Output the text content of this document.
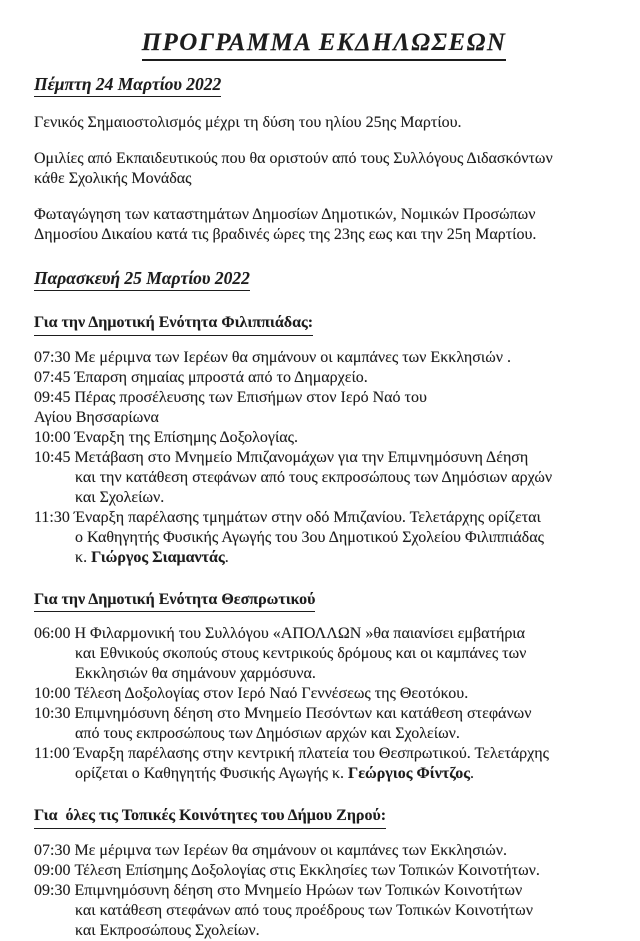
ΠΡΟΓΡΑΜΜΑ ΕΚΔΗΛΩΣΕΩΝ
Πέμπτη 24 Μαρτίου 2022
Γενικός Σημαιοστολισμός μέχρι τη δύση του ηλίου 25ης Μαρτίου.
Ομιλίες από Εκπαιδευτικούς που θα οριστούν από τους Συλλόγους Διδασκόντων
κάθε Σχολικής Μονάδας
Φωταγώγηση των καταστημάτων Δημοσίων Δημοτικών, Νομικών Προσώπων
Δημοσίου Δικαίου κατά τις βραδινές ώρες της 23ης εως και την 25η Μαρτίου.
Παρασκευή 25 Μαρτίου 2022
Για την Δημοτική Ενότητα Φιλιππιάδας:
07:30 Με μέριμνα των Ιερέων θα σημάνουν οι καμπάνες των Εκκλησιών .
07:45 Έπαρση σημαίας μπροστά από το Δημαρχείο.
09:45 Πέρας προσέλευσης των Επισήμων στον Ιερό Ναό του
Αγίου Βησσαρίωνα
10:00 Έναρξη της Επίσημης Δοξολογίας.
10:45 Μετάβαση στο Μνημείο Μπιζανομάχων για την Επιμνημόσυνη Δέηση
και την κατάθεση στεφάνων από τους εκπροσώπους των Δημόσιων αρχών
και Σχολείων.
11:30 Έναρξη παρέλασης τμημάτων στην οδό Μπιζανίου. Τελετάρχης ορίζεται
ο Καθηγητής Φυσικής Αγωγής του 3ου Δημοτικού Σχολείου Φιλιππιάδας
κ. Γιώργος Σιαμαντάς.
Για την Δημοτική Ενότητα Θεσπρωτικού
06:00 Η Φιλαρμονική του Συλλόγου «ΑΠΟΛΛΩΝ »θα παιανίσει εμβατήρια
και Εθνικούς σκοπούς στους κεντρικούς δρόμους και οι καμπάνες των
Εκκλησιών θα σημάνουν χαρμόσυνα.
10:00 Τέλεση Δοξολογίας στον Ιερό Ναό Γεννέσεως της Θεοτόκου.
10:30 Επιμνημόσυνη δέηση στο Μνημείο Πεσόντων και κατάθεση στεφάνων
από τους εκπροσώπους των Δημόσιων αρχών και Σχολείων.
11:00 Έναρξη παρέλασης στην κεντρική πλατεία του Θεσπρωτικού. Τελετάρχης
ορίζεται ο Καθηγητής Φυσικής Αγωγής κ. Γεώργιος Φίντζος.
Για  όλες τις Τοπικές Κοινότητες του Δήμου Ζηρού:
07:30 Με μέριμνα των Ιερέων θα σημάνουν οι καμπάνες των Εκκλησιών.
09:00 Τέλεση Επίσημης Δοξολογίας στις Εκκλησίες των Τοπικών Κοινοτήτων.
09:30 Επιμνημόσυνη δέηση στο Μνημείο Ηρώων των Τοπικών Κοινοτήτων
και κατάθεση στεφάνων από τους προέδρους των Τοπικών Κοινοτήτων
και Εκπροσώπους Σχολείων.
